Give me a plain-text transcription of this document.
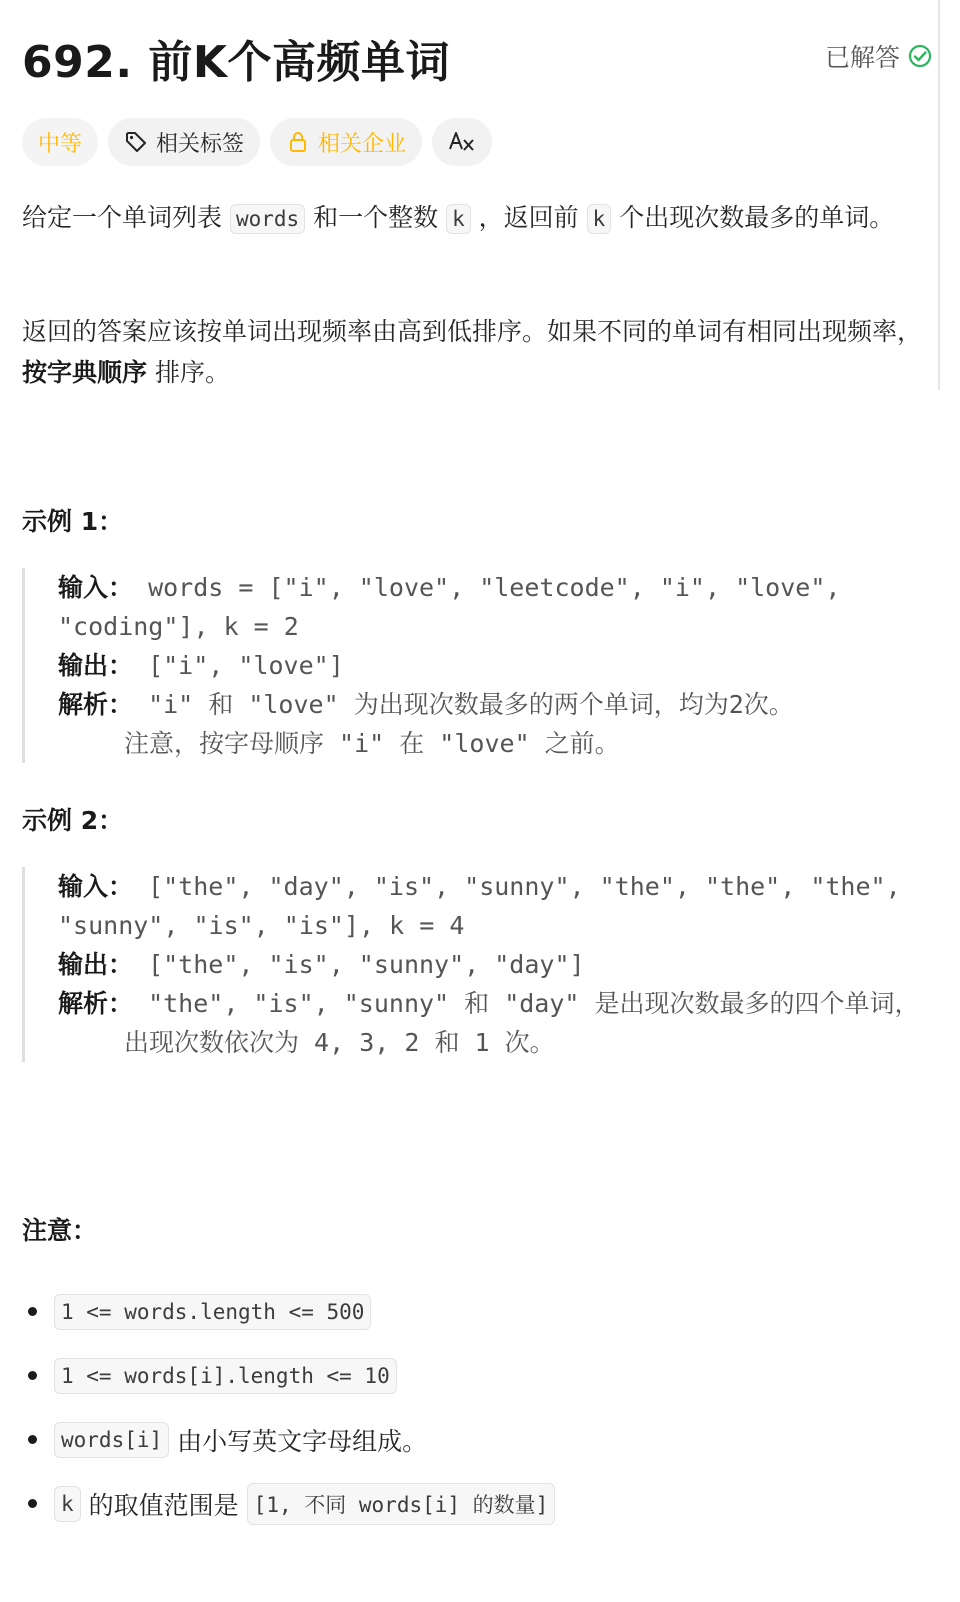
692. 前K个高频单词	已解答
中等	相关标签	相关企业
给定一个单词列表 words 和一个整数 k ，返回前 k 个出现次数最多的单词。
返回的答案应该按单词出现频率由高到低排序。如果不同的单词有相同出现频率，按字典顺序 排序。
示例 1：
输入： words = ["i", "love", "leetcode", "i", "love", "coding"], k = 2
输出： ["i", "love"]
解析： "i" 和 "love" 为出现次数最多的两个单词，均为2次。
注意，按字母顺序 "i" 在 "love" 之前。
示例 2：
输入： ["the", "day", "is", "sunny", "the", "the", "the", "sunny", "is", "is"], k = 4
输出： ["the", "is", "sunny", "day"]
解析： "the", "is", "sunny" 和 "day" 是出现次数最多的四个单词，
出现次数依次为 4, 3, 2 和 1 次。
注意：
1 <= words.length <= 500
1 <= words[i].length <= 10
words[i] 由小写英文字母组成。
k 的取值范围是 [1, 不同 words[i] 的数量]
